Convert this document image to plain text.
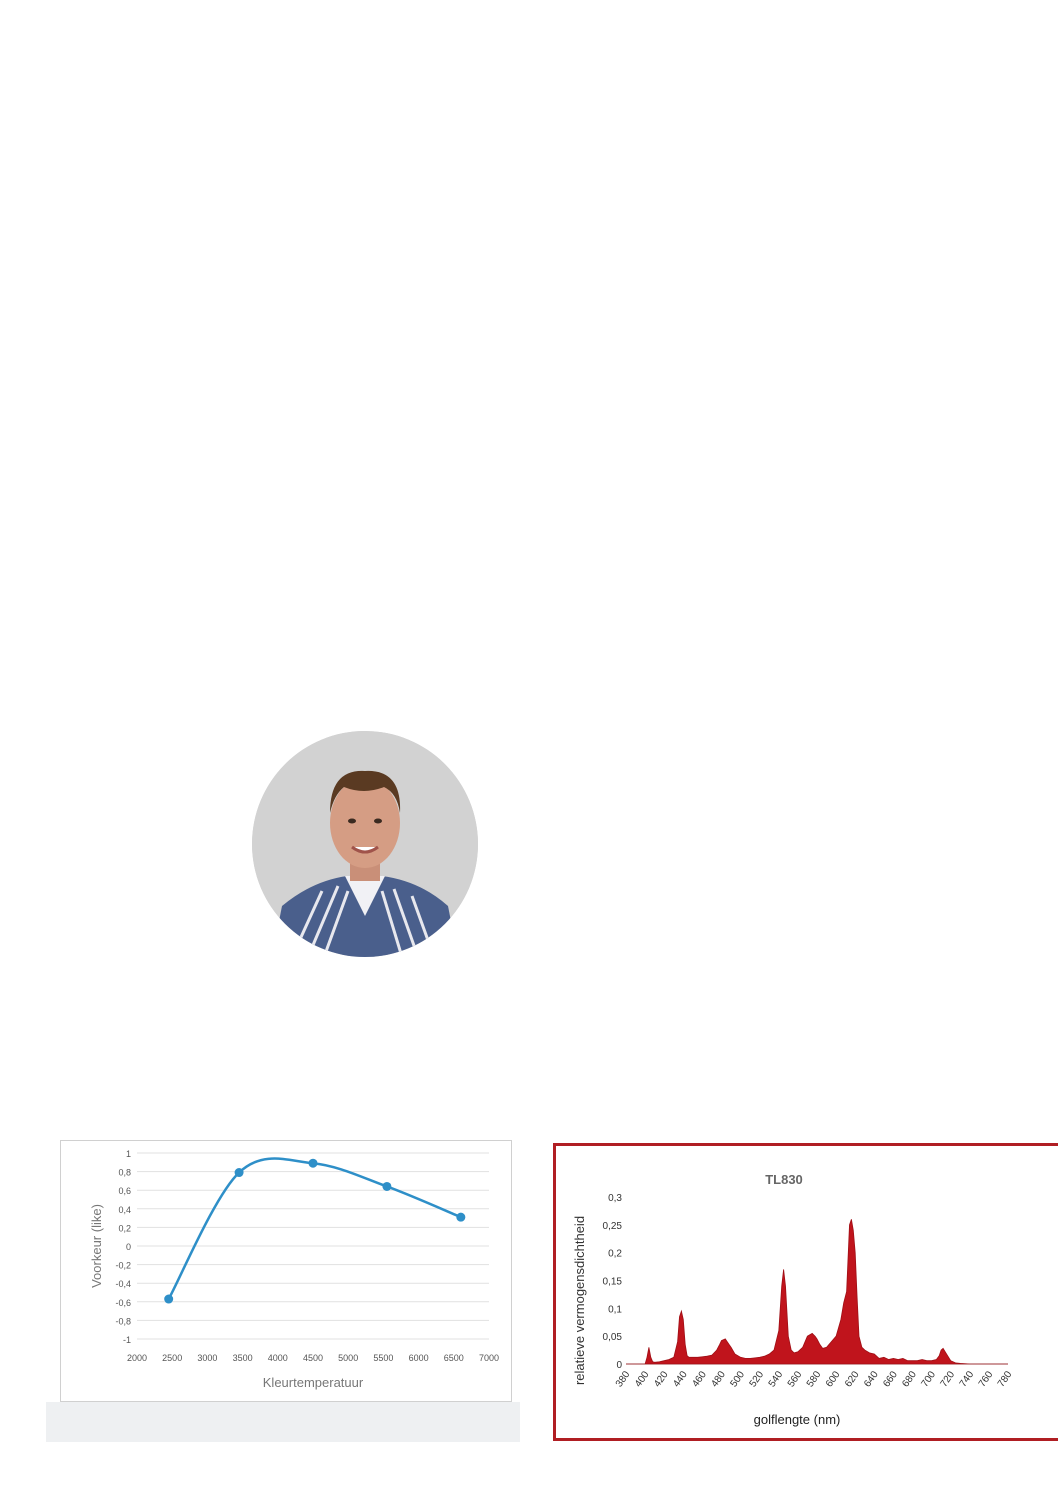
1
0,8
0,6
0,4
0,2
0
-0,2
-0,4
-0,6
-0,8
-1
2000 2500 3000 3500 4000 4500 5000 5500 6000 6500 7000
Kleurtemperatuur
Voorkeur (like)
TL830
0,3
0,25
0,2
0,15
0,1
0,05
0
380 400 420 440 460 480 500 520 540 560 580 600 620 640 660 680 700 720 740 760 780
golflengte (nm)
relatieve vermogensdichtheid
